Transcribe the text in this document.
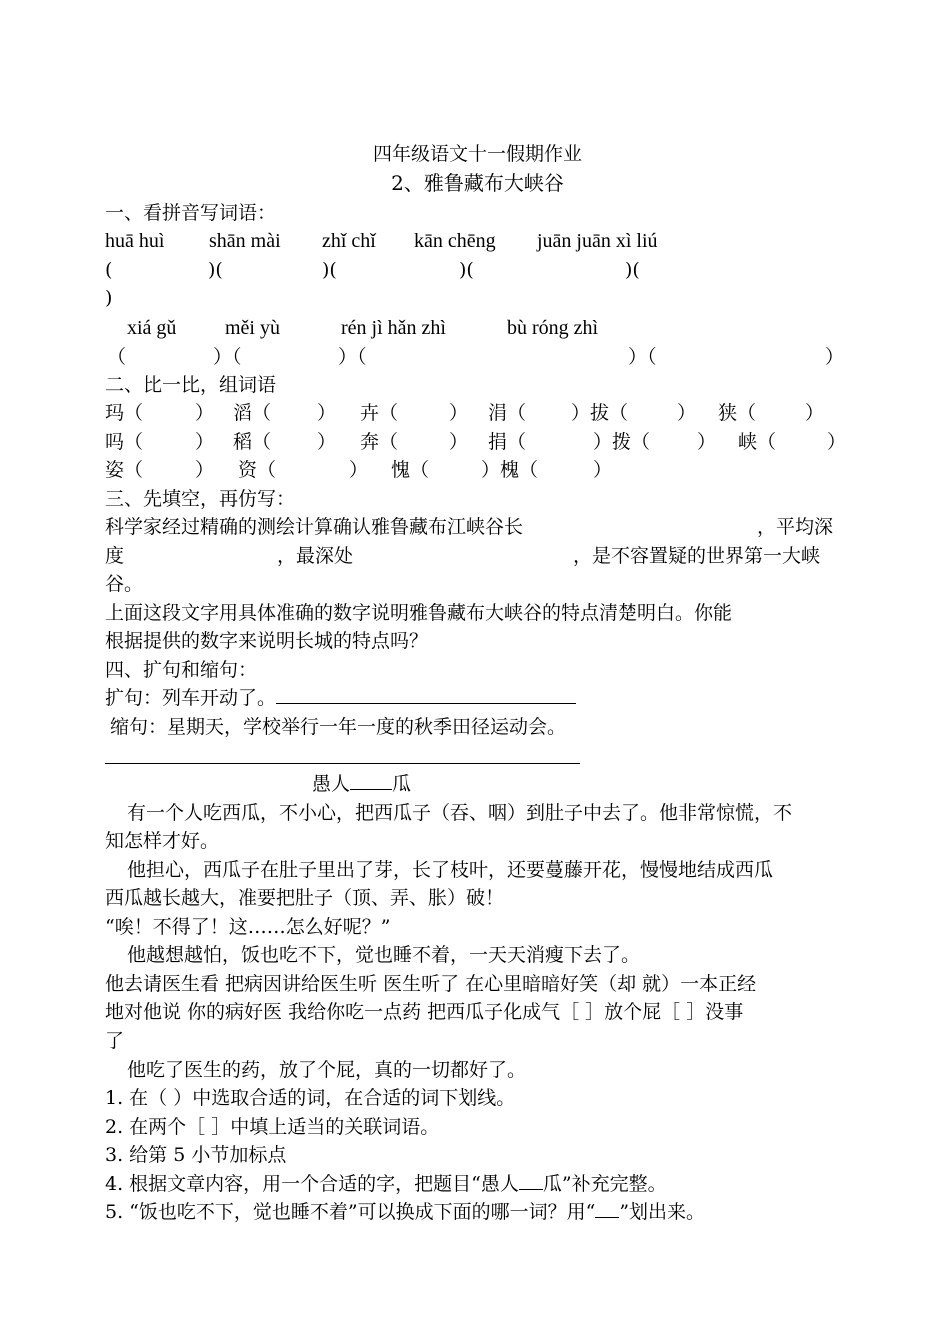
四年级语文十一假期作业
2、雅鲁藏布大峡谷
一、看拼音写词语：
huā huì shān mài zhǐ chǐ kān chēng juān juān xì liú
(	)(	)(	)(	)(
)
xiá gǔ měi yù	rén jì hǎn zhì	bù róng zhì
（	）（	）（	）（	）
二、比一比，组词语
玛（	） 滔（ ） 卉（	） 涓（ ）拔（	） 狭（	）
吗（	） 稻（ ） 奔（	） 捐（	）拨（ ） 峡（	）
姿（	） 资（	） 愧（	）槐（	）
三、先填空，再仿写：
科学家经过精确的测绘计算确认雅鲁藏布江峡谷长	，平均深
度	，最深处	，是不容置疑的世界第一大峡
谷。
上面这段文字用具体准确的数字说明雅鲁藏布大峡谷的特点清楚明白。你能
根据提供的数字来说明长城的特点吗？
四、扩句和缩句：
扩句：列车开动了。
缩句：星期天，学校举行一年一度的秋季田径运动会。
愚人 瓜
有一个人吃西瓜，不小心，把西瓜子（吞、咽）到肚子中去了。他非常惊慌，不
知怎样才好。
他担心，西瓜子在肚子里出了芽，长了枝叶，还要蔓藤开花，慢慢地结成西瓜
西瓜越长越大，准要把肚子（顶、弄、胀）破！
“唉！不得了！这……怎么好呢？”
他越想越怕，饭也吃不下，觉也睡不着，一天天消瘦下去了。
他去请医生看 把病因讲给医生听 医生听了 在心里暗暗好笑（却 就）一本正经
地对他说 你的病好医 我给你吃一点药 把西瓜子化成气［ ］放个屁［ ］没事
了
他吃了医生的药，放了个屁，真的一切都好了。
1. 在（ ）中选取合适的词，在合适的词下划线。
2. 在两个［ ］中填上适当的关联词语。
3. 给第 5 小节加标点
4. 根据文章内容，用一个合适的字，把题目“愚人 瓜”补充完整。
5. “饭也吃不下，觉也睡不着”可以换成下面的哪一词？用“ ”划出来。
